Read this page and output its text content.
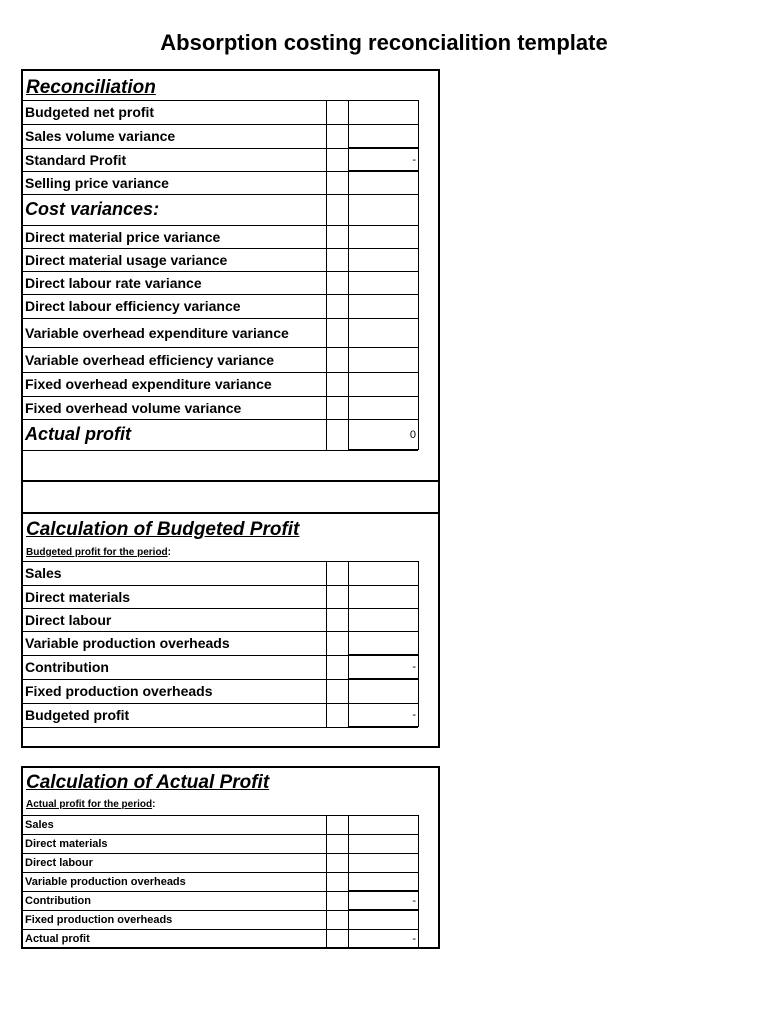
Absorption costing reconcialition template
Reconciliation
Budgeted net profit
Sales volume variance
Standard Profit	-
Selling price variance
Cost variances:
Direct material price variance
Direct material usage variance
Direct labour rate variance
Direct labour efficiency variance
Variable overhead expenditure variance
Variable overhead efficiency variance
Fixed overhead expenditure variance
Fixed overhead volume variance
Actual profit	0
Calculation of Budgeted Profit
Budgeted profit for the period:
Sales
Direct materials
Direct labour
Variable production overheads
Contribution	-
Fixed production overheads
Budgeted profit	-
Calculation of Actual Profit
Actual profit for the period:
Sales
Direct materials
Direct labour
Variable production overheads
Contribution	-
Fixed production overheads
Actual profit	-
